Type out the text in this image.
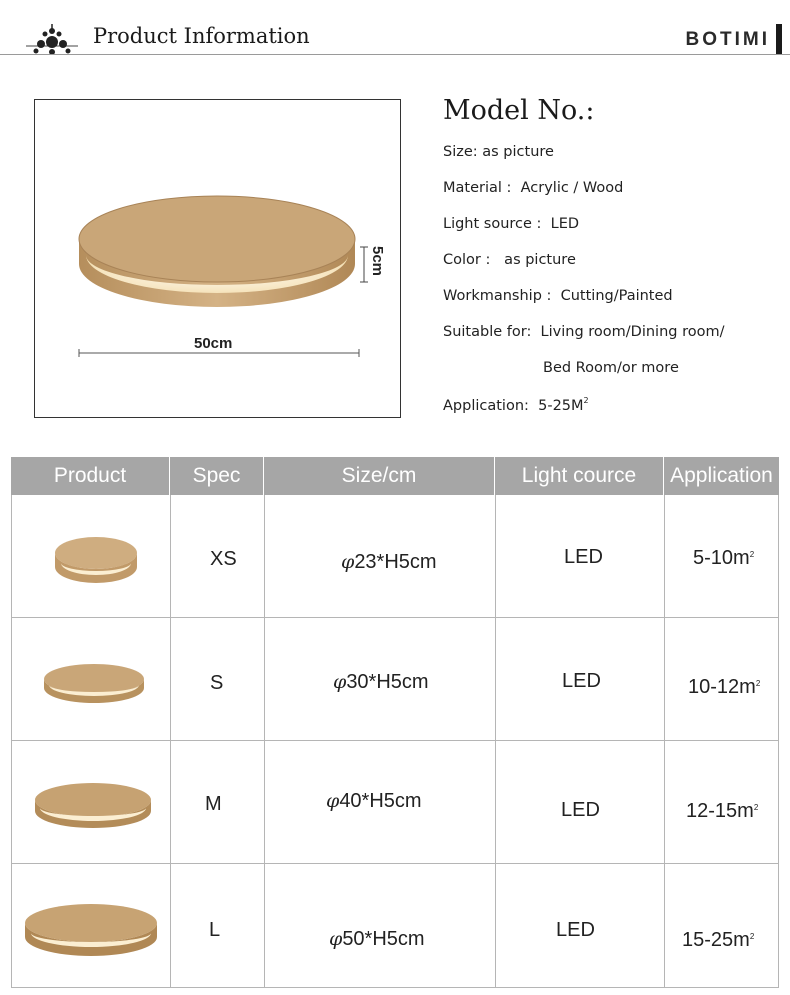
Product Information	BOTIMI
50cm
5cm
Model No.:
Size: as picture
Material :  Acrylic / Wood
Light source :  LED
Color :   as picture
Workmanship :  Cutting/Painted
Suitable for:  Living room/Dining room/
Bed Room/or more
Application:  $5-25M^2$
Product	Spec	Size/cm	Light cource	Application
XS	φ23*H5cm	LED	$5-10m^2$
S	φ30*H5cm	LED	$10-12m^2$
M	φ40*H5cm	LED	$12-15m^2$
L	φ50*H5cm	LED	$15-25m^2$
